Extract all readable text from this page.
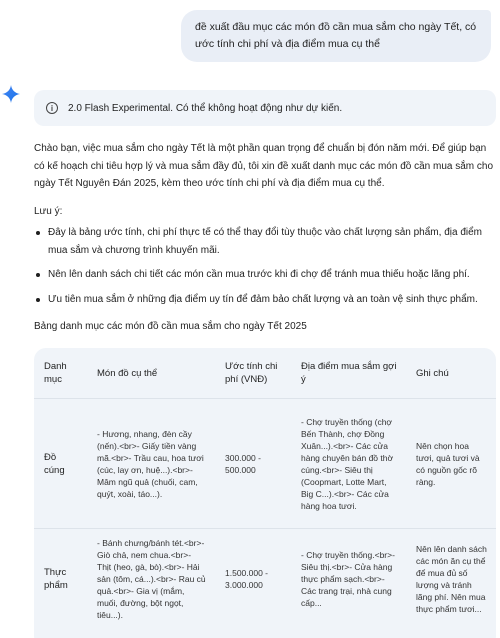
đề xuất đầu mục các món đồ cần mua sắm cho ngày Tết, có ước tính chi phí và địa điểm mua cụ thể
i	2.0 Flash Experimental. Có thể không hoạt động như dự kiến.

Chào bạn, việc mua sắm cho ngày Tết là một phần quan trọng để chuẩn bị đón năm mới. Để giúp bạn có kế hoạch chi tiêu hợp lý và mua sắm đầy đủ, tôi xin đề xuất danh mục các món đồ cần mua sắm cho ngày Tết Nguyên Đán 2025, kèm theo ước tính chi phí và địa điểm mua cụ thể.

Lưu ý:

Đây là bảng ước tính, chi phí thực tế có thể thay đổi tùy thuộc vào chất lượng sản phẩm, địa điểm mua sắm và chương trình khuyến mãi.
Nên lên danh sách chi tiết các món cần mua trước khi đi chợ để tránh mua thiếu hoặc lãng phí.
Ưu tiên mua sắm ở những địa điểm uy tín để đảm bảo chất lượng và an toàn vệ sinh thực phẩm.

Bảng danh mục các món đồ cần mua sắm cho ngày Tết 2025

Danh mục	Món đồ cụ thể	Ước tính chi phí (VNĐ)	Địa điểm mua sắm gợi ý	Ghi chú
Đồ cúng	- Hương, nhang, đèn cầy (nến).<br>- Giấy tiền vàng mã.<br>- Trầu cau, hoa tươi (cúc, lay ơn, huệ...).<br>- Mâm ngũ quả (chuối, cam, quýt, xoài, táo...).	300.000 - 500.000	- Chợ truyền thống (chợ Bến Thành, chợ Đồng Xuân...).<br>- Các cửa hàng chuyên bán đồ thờ cúng.<br>- Siêu thị (Coopmart, Lotte Mart, Big C...).<br>- Các cửa hàng hoa tươi.	Nên chọn hoa tươi, quả tươi và có nguồn gốc rõ ràng.
Thực phẩm	- Bánh chưng/bánh tét.<br>- Giò chả, nem chua.<br>- Thịt (heo, gà, bò).<br>- Hải sản (tôm, cá...).<br>- Rau củ quả.<br>- Gia vị (mắm, muối, đường, bột ngọt, tiêu...).	1.500.000 - 3.000.000	- Chợ truyền thống.<br>- Siêu thị.<br>- Cửa hàng thực phẩm sạch.<br>- Các trang trại, nhà cung cấp...	Nên lên danh sách các món ăn cụ thể để mua đủ số lượng và tránh lãng phí. Nên mua thực phẩm tươi...
